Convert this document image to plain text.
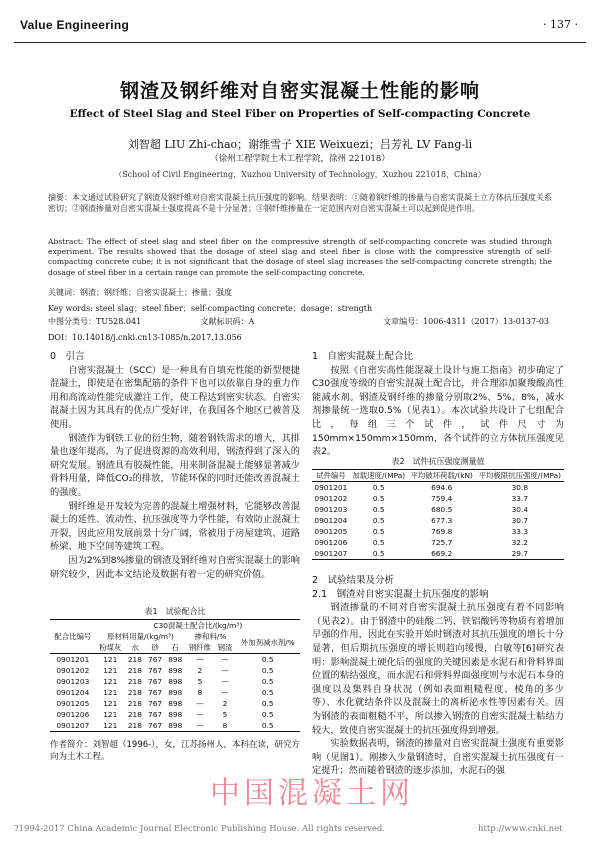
Value Engineering	· 137 ·
钢渣及钢纤维对自密实混凝土性能的影响
Effect of Steel Slag and Steel Fiber on Properties of Self-compacting Concrete
刘智超 LIU Zhi-chao；谢维雪子 XIE Weixuezi；吕芳礼 LV Fang-li
（徐州工程学院土木工程学院，徐州 221018）
（School of Civil Engineering，Xuzhou University of Technology，Xuzhou 221018，China）
摘要：本文通过试验研究了钢渣及钢纤维对自密实混凝土抗压强度的影响。结果表明：①随着钢纤维的掺量与自密实混凝土立方体抗压强度关系密切；②钢渣掺量对自密实混凝土强度提高不是十分显著；③钢纤维掺量在一定范围内对自密实混凝土可以起到促进作用。
Abstract: The effect of steel slag and steel fiber on the compressive strength of self-compacting concrete was studied through experiment. The results showed that the dosage of steel slag and steel fiber is close with the compressive strength of self-compacting concrete cube; it is not significant that the dosage of steel slag increases the self-compacting concrete strength; the dosage of steel fiber in a certain range can promote the self-compacting concrete.
关键词：钢渣；钢纤维；自密实混凝土；掺量；强度
Key words: steel slag；steel fiber；self-compacting concrete；dosage；strength
中图分类号：TU528.041	文献标识码：A	文章编号：1006-4311（2017）13-0137-03
DOI：10.14018/j.cnki.cn13-1085/n.2017.13.056
0　引言

自密实混凝土（SCC）是一种具有自填充性能的新型便捷混凝土，即使是在密集配筋的条件下也可以依靠自身的重力作用和高流动性能完成灌注工作，使工程达到密实状态。自密实混凝土因为其具有的优点广受好评，在我国各个地区已被普及使用。

钢渣作为钢铁工业的衍生物，随着钢铁需求的增大，其排量也逐年提高，为了促进资源的高效利用，钢渣得到了深入的研究发展。钢渣具有胶凝性能，用来制备混凝土能够显著减少骨料用量，降低CO₂的排放，节能环保的同时还能改善混凝土的强度。

钢纤维是开发较为完善的混凝土增强材料，它能够改善混凝土的延性、流动性、抗压强度等力学性能，有效防止混凝土开裂，因此应用发展前景十分广阔，常被用于房屋建筑、道路桥梁、地下空间等建筑工程。

因为2%到8%掺量的钢渣及钢纤维对自密实混凝土的影响研究较少，因此本文结论及数据有着一定的研究价值。

表1　试验配合比
配合比编号	C30混凝土配合比/(kg/m³)						
	原材料用量/(kg/m³)				掺和料/%		外加剂减水剂/%
	粉煤灰	水	砂	石	钢纤维	钢渣	
0901201	121	218	767	898	—	—	0.5
0901202	121	218	767	898	2	—	0.5
0901203	121	218	767	898	5	—	0.5
0901204	121	218	767	898	8	—	0.5
0901205	121	218	767	898	—	2	0.5
0901206	121	218	767	898	—	5	0.5
0901207	121	218	767	898	—	8	0.5
作者简介：刘智超（1996-），女，江苏扬州人，本科在读，研究方向为土木工程。
1　自密实混凝土配合比

按照《自密实高性能混凝土设计与施工指南》初步确定了C30强度等级的自密实混凝土配合比，并合理添加聚羧酸高性能减水剂。钢渣及钢纤维的掺量分别取2%、5%、8%，减水剂掺量统一选取0.5%（见表1）。本次试验共设计了七组配合比，每组三个试件，试件尺寸为150mm×150mm×150mm，各个试件的立方体抗压强度见表2。

表2　试件抗压强度测量值
试件编号	加载速度/(MPa)	平均破坏荷载/(kN)	平均极限抗压强度/(MPa)
0901201	0.5	694.6	30.8
0901202	0.5	759.4	33.7
0901203	0.5	680.5	30.4
0901204	0.5	677.3	30.7
0901205	0.5	769.8	33.3
0901206	0.5	725.7	32.2
0901207	0.5	669.2	29.7
2　试验结果及分析
2.1　钢渣对自密实混凝土抗压强度的影响

钢渣掺量的不同对自密实混凝土抗压强度有着不同影响（见表2）。由于钢渣中的硅酸二钙、铁铝酸钙等物质有着增加早强的作用，因此在实验开始时钢渣对其抗压强度的增长十分显著，但后期抗压强度的增长则趋向缓慢，白敏等[6]研究表明：影响混凝土硬化后的强度的关键因素是水泥石和骨料界面位置的粘结强度，而水泥石和骨料界面强度则与水泥石本身的强度以及集料自身状况（例如表面粗糙程度、棱角的多少等）、水化就结条件以及混凝土的离析泌水性等因素有关。因为钢渣的表面粗糙不平，所以掺入钢渣的自密实混凝土粘结力较大，致使自密实混凝土的抗压强度得到增强。

实验数据表明，钢渣的掺量对自密实混凝土强度有重要影响（见图1）。刚掺入少量钢渣时，自密实混凝土抗压强度有一定提升；然而随着钢渣的逐步添加，水泥石的强

中国混凝土网
?1994-2017 China Academic Journal Electronic Publishing House. All rights reserved.	http://www.cnki.net
